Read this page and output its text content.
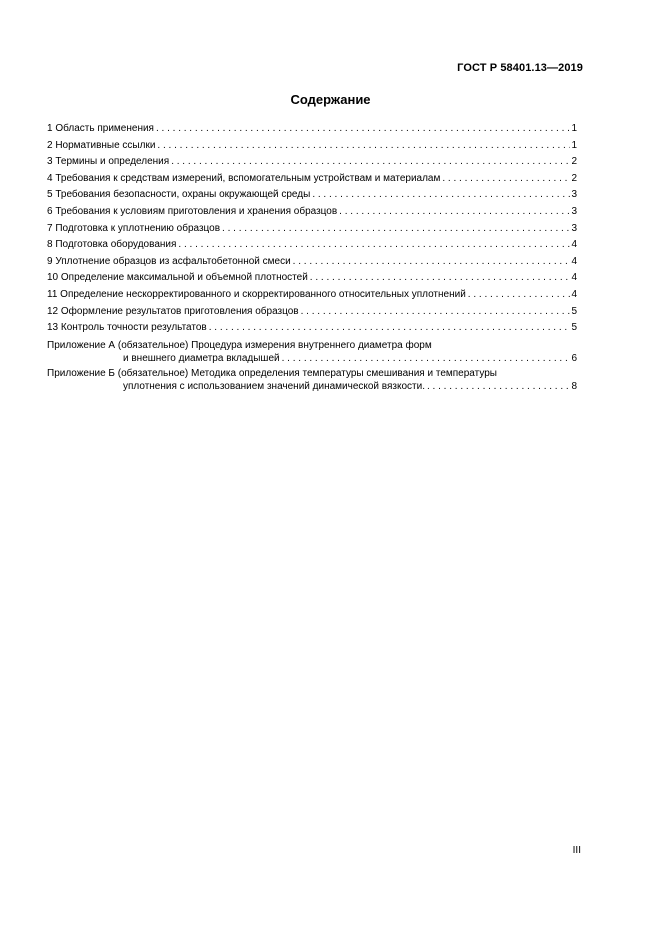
ГОСТ Р 58401.13—2019
Содержание
1 Область применения . . .	1
2 Нормативные ссылки . . .	1
3 Термины и определения . . .	2
4 Требования к средствам измерений, вспомогательным устройствам и материалам . . .	2
5 Требования безопасности, охраны окружающей среды . . .	3
6 Требования к условиям приготовления и хранения образцов . . .	3
7 Подготовка к уплотнению образцов . . .	3
8 Подготовка оборудования . . .	4
9 Уплотнение образцов из асфальтобетонной смеси . . .	4
10 Определение максимальной и объемной плотностей . . .	4
11 Определение нескорректированного и скорректированного относительных уплотнений . . .	4
12 Оформление результатов приготовления образцов . . .	5
13 Контроль точности результатов . . .	5
Приложение А (обязательное) Процедура измерения внутреннего диаметра форм
и внешнего диаметра вкладышей . . .	6
Приложение Б (обязательное) Методика определения температуры смешивания и температуры
уплотнения с использованием значений динамической вязкости. . . .	8
III
